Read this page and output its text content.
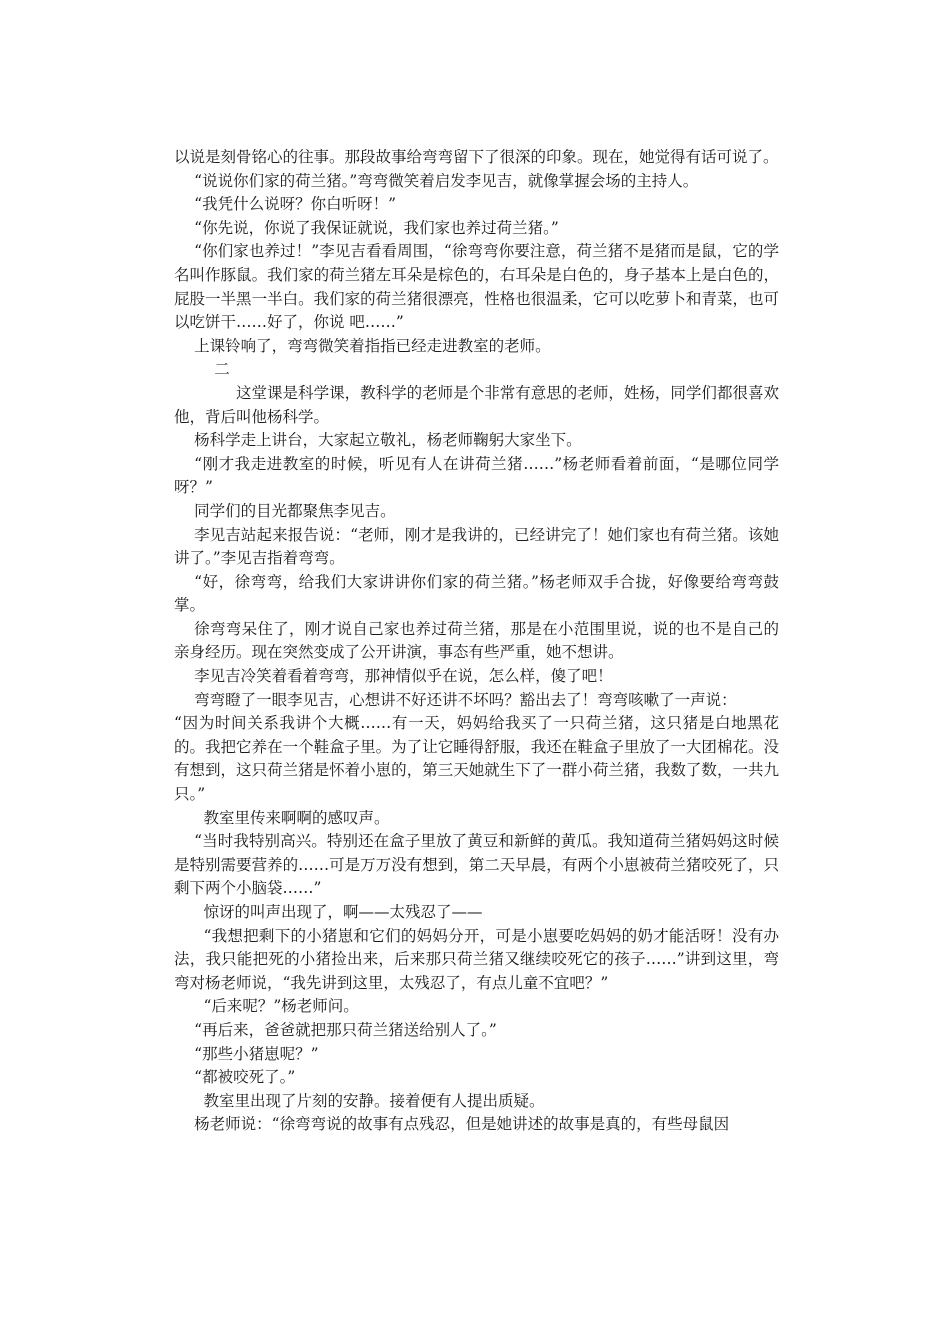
以说是刻骨铭心的往事。那段故事给弯弯留下了很深的印象。现在，她觉得有话可说了。

“说说你们家的荷兰猪。”弯弯微笑着启发李见吉，就像掌握会场的主持人。

“我凭什么说呀？你白听呀！”

“你先说，你说了我保证就说，我们家也养过荷兰猪。”

“你们家也养过！”李见吉看看周围，“徐弯弯你要注意，荷兰猪不是猪而是鼠，它的学名叫作豚鼠。我们家的荷兰猪左耳朵是棕色的，右耳朵是白色的，身子基本上是白色的，屁股一半黑一半白。我们家的荷兰猪很漂亮，性格也很温柔，它可以吃萝卜和青菜，也可以吃饼干……好了，你说 吧……”

上课铃响了，弯弯微笑着指指已经走进教室的老师。

二

这堂课是科学课，教科学的老师是个非常有意思的老师，姓杨，同学们都很喜欢他，背后叫他杨科学。

杨科学走上讲台，大家起立敬礼，杨老师鞠躬大家坐下。

“刚才我走进教室的时候，听见有人在讲荷兰猪……”杨老师看着前面，“是哪位同学呀？”

同学们的目光都聚焦李见吉。

李见吉站起来报告说：“老师，刚才是我讲的，已经讲完了！她们家也有荷兰猪。该她讲了。”李见吉指着弯弯。

“好，徐弯弯，给我们大家讲讲你们家的荷兰猪。”杨老师双手合拢，好像要给弯弯鼓掌。

徐弯弯呆住了，刚才说自己家也养过荷兰猪，那是在小范围里说，说的也不是自己的亲身经历。现在突然变成了公开讲演，事态有些严重，她不想讲。

李见吉冷笑着看着弯弯，那神情似乎在说，怎么样，傻了吧！

弯弯瞪了一眼李见吉，心想讲不好还讲不坏吗？豁出去了！弯弯咳嗽了一声说：

“因为时间关系我讲个大概……有一天，妈妈给我买了一只荷兰猪，这只猪是白地黑花的。我把它养在一个鞋盒子里。为了让它睡得舒服，我还在鞋盒子里放了一大团棉花。没有想到，这只荷兰猪是怀着小崽的，第三天她就生下了一群小荷兰猪，我数了数，一共九只。”

教室里传来啊啊的感叹声。

“当时我特别高兴。特别还在盒子里放了黄豆和新鲜的黄瓜。我知道荷兰猪妈妈这时候是特别需要营养的……可是万万没有想到，第二天早晨，有两个小崽被荷兰猪咬死了，只剩下两个小脑袋……”

惊讶的叫声出现了，啊——太残忍了——

“我想把剩下的小猪崽和它们的妈妈分开，可是小崽要吃妈妈的奶才能活呀！没有办法，我只能把死的小猪捡出来，后来那只荷兰猪又继续咬死它的孩子……”讲到这里，弯弯对杨老师说，“我先讲到这里，太残忍了，有点儿童不宜吧？”

“后来呢？”杨老师问。

“再后来，爸爸就把那只荷兰猪送给别人了。”

“那些小猪崽呢？”

“都被咬死了。”

教室里出现了片刻的安静。接着便有人提出质疑。

杨老师说：“徐弯弯说的故事有点残忍，但是她讲述的故事是真的，有些母鼠因
